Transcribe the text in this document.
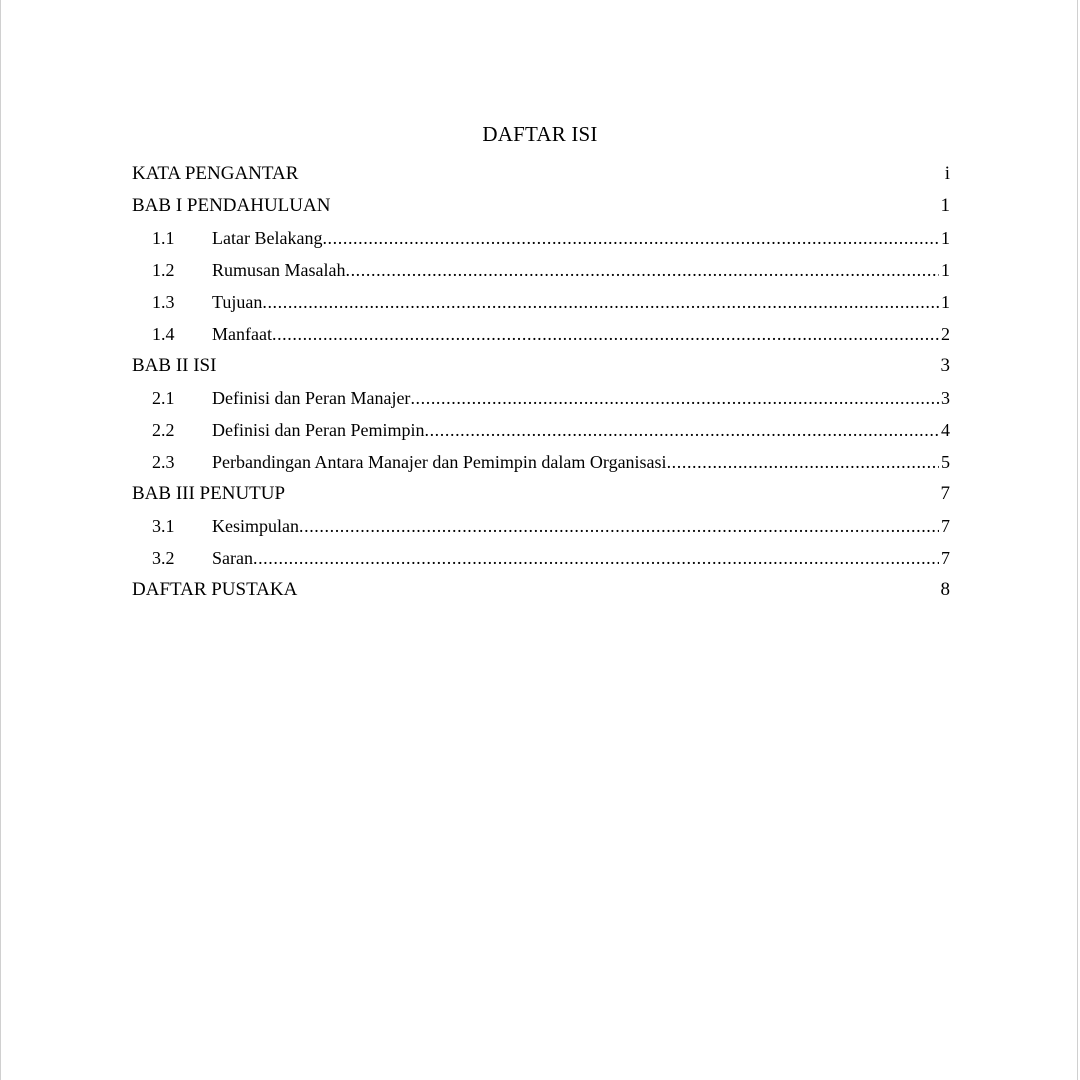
DAFTAR ISI
KATA PENGANTAR	i
BAB I PENDAHULUAN	1
1.1	Latar Belakang .....	1
1.2	Rumusan Masalah .....	1
1.3	Tujuan .....	1
1.4	Manfaat .....	2
BAB II ISI	3
2.1	Definisi dan Peran Manajer .....	3
2.2	Definisi dan Peran Pemimpin .....	4
2.3	Perbandingan Antara Manajer dan Pemimpin dalam Organisasi .....	5
BAB III PENUTUP	7
3.1	Kesimpulan .....	7
3.2	Saran .....	7
DAFTAR PUSTAKA	8
